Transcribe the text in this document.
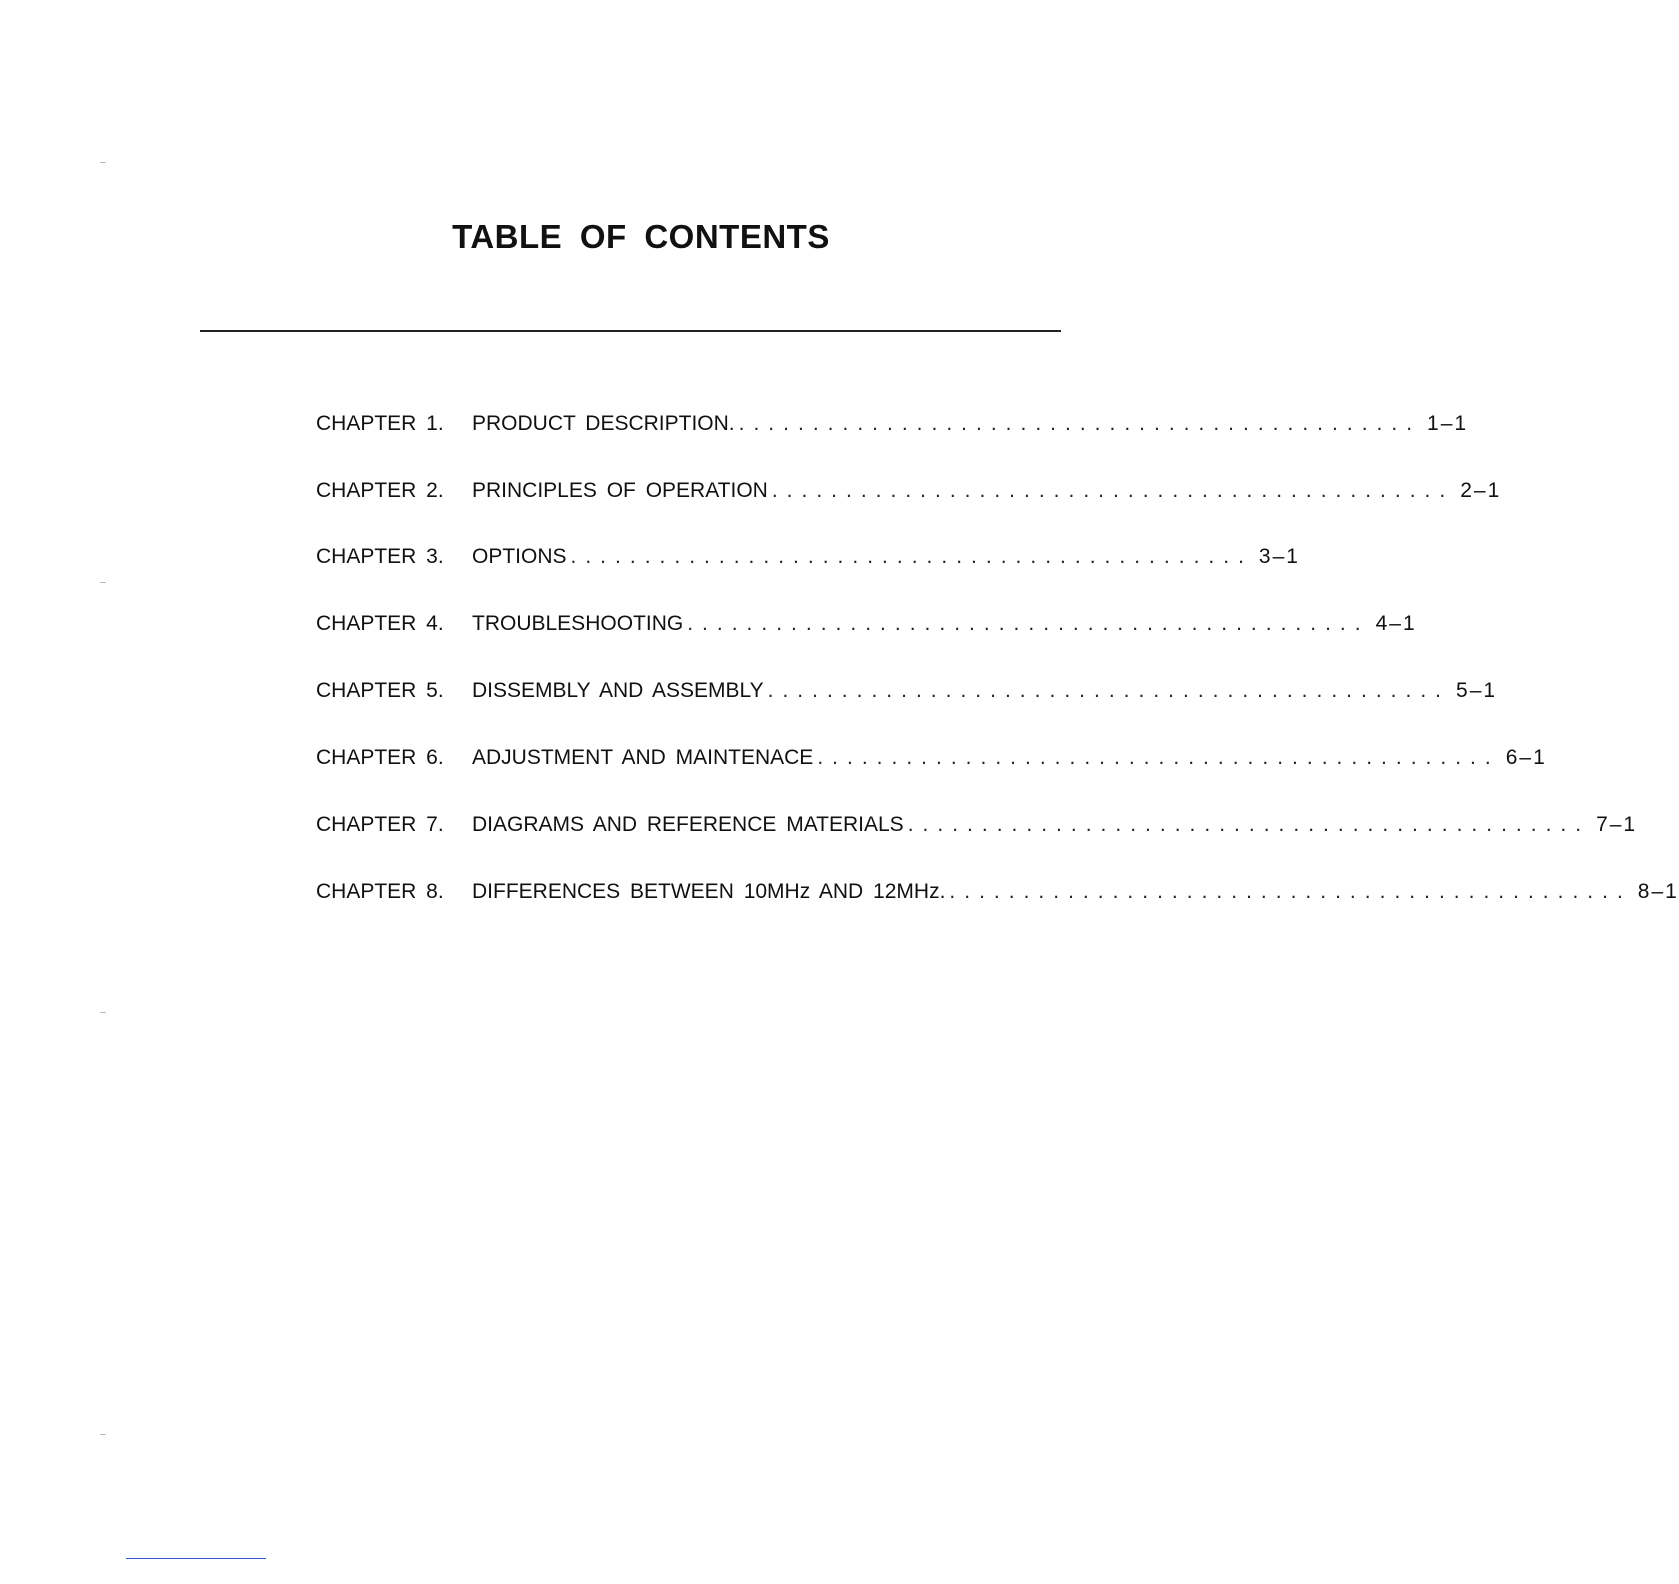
TABLE OF CONTENTS
CHAPTER 1.	PRODUCT DESCRIPTION. .............................................. 1–1
CHAPTER 2.	PRINCIPLES OF OPERATION .............................................. 2–1
CHAPTER 3.	OPTIONS .............................................. 3–1
CHAPTER 4.	TROUBLESHOOTING .............................................. 4–1
CHAPTER 5.	DISSEMBLY AND ASSEMBLY .............................................. 5–1
CHAPTER 6.	ADJUSTMENT AND MAINTENACE .............................................. 6–1
CHAPTER 7.	DIAGRAMS AND REFERENCE MATERIALS .............................................. 7–1
CHAPTER 8.	DIFFERENCES BETWEEN 10MHz AND 12MHz. .............................................. 8–1
